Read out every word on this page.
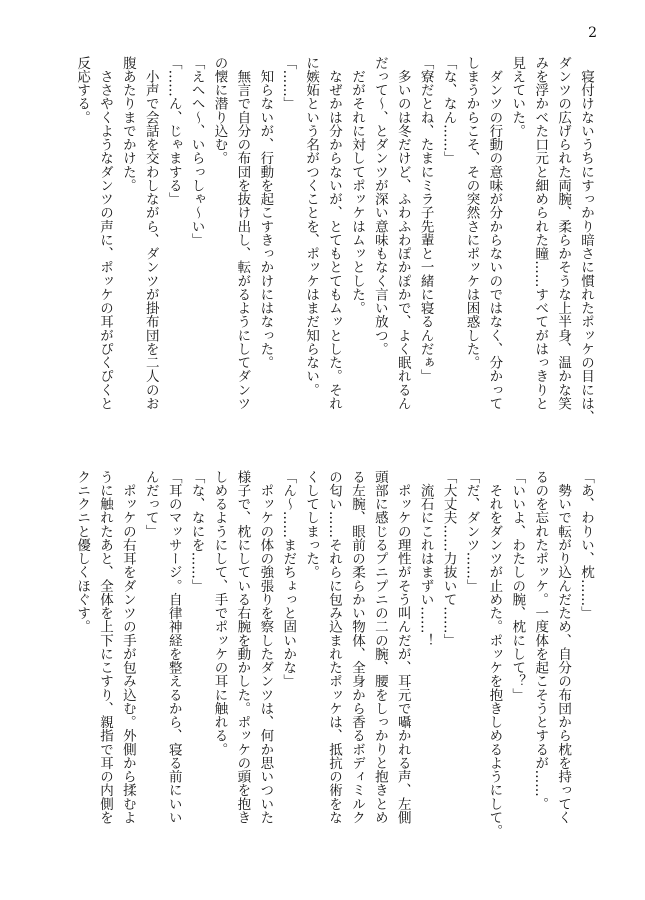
2
　寝付けないうちにすっかり暗さに慣れたポッケの目には、
ダンツの広げられた両腕、柔らかそうな上半身、温かな笑
みを浮かべた口元と細められた瞳……すべてがはっきりと
見えていた。
　ダンツの行動の意味が分からないのではなく、分かって
しまうからこそ、その突然さにポッケは困惑した。
「な、なん……」
「寮だとね、たまにミラ子先輩と一緒に寝るんだぁ」
　多いのは冬だけど、ふわふわぽかぽかで、よく眠れるん
だって～、とダンツが深い意味もなく言い放つ。
　だがそれに対してポッケはムッとした。
　なぜかは分からないが、とてもとてもムッとした。それ
に嫉妬という名がつくことを、ポッケはまだ知らない。
「……」
　知らないが、行動を起こすきっかけにはなった。
　無言で自分の布団を抜け出し、転がるようにしてダンツ
の懐に潜り込む。
「えへへ～、いらっしゃ～い」
「……ん、じゃまする」
　小声で会話を交わしながら、ダンツが掛布団を二人のお
腹あたりまでかけた。
　ささやくようなダンツの声に、ポッケの耳がぴくぴくと
反応する。
「あ、わりい、枕……」
　勢いで転がり込んだため、自分の布団から枕を持ってく
るのを忘れたポッケ。一度体を起こそうとするが……。
「いいよ、わたしの腕、枕にして？」
　それをダンツが止めた。ポッケを抱きしめるようにして。
「だ、ダンツ……」
「大丈夫……力抜いて……」
　流石にこれはまずい……！
　ポッケの理性がそう叫んだが、耳元で囁かれる声、左側
頭部に感じるプニプニの二の腕、腰をしっかりと抱きとめ
る左腕、眼前の柔らかい物体、全身から香るボディミルク
の匂い……それらに包み込まれたポッケは、抵抗の術をな
くしてしまった。
「ん～……まだちょっと固いかな」
　ポッケの体の強張りを察したダンツは、何か思いついた
様子で、枕にしている右腕を動かした。ポッケの頭を抱き
しめるようにして、手でポッケの耳に触れる。
「な、なにを……」
「耳のマッサージ。自律神経を整えるから、寝る前にいい
んだって」
　ポッケの右耳をダンツの手が包み込む。外側から揉むよ
うに触れたあと、全体を上下にこすり、親指で耳の内側を
クニクニと優しくほぐす。
